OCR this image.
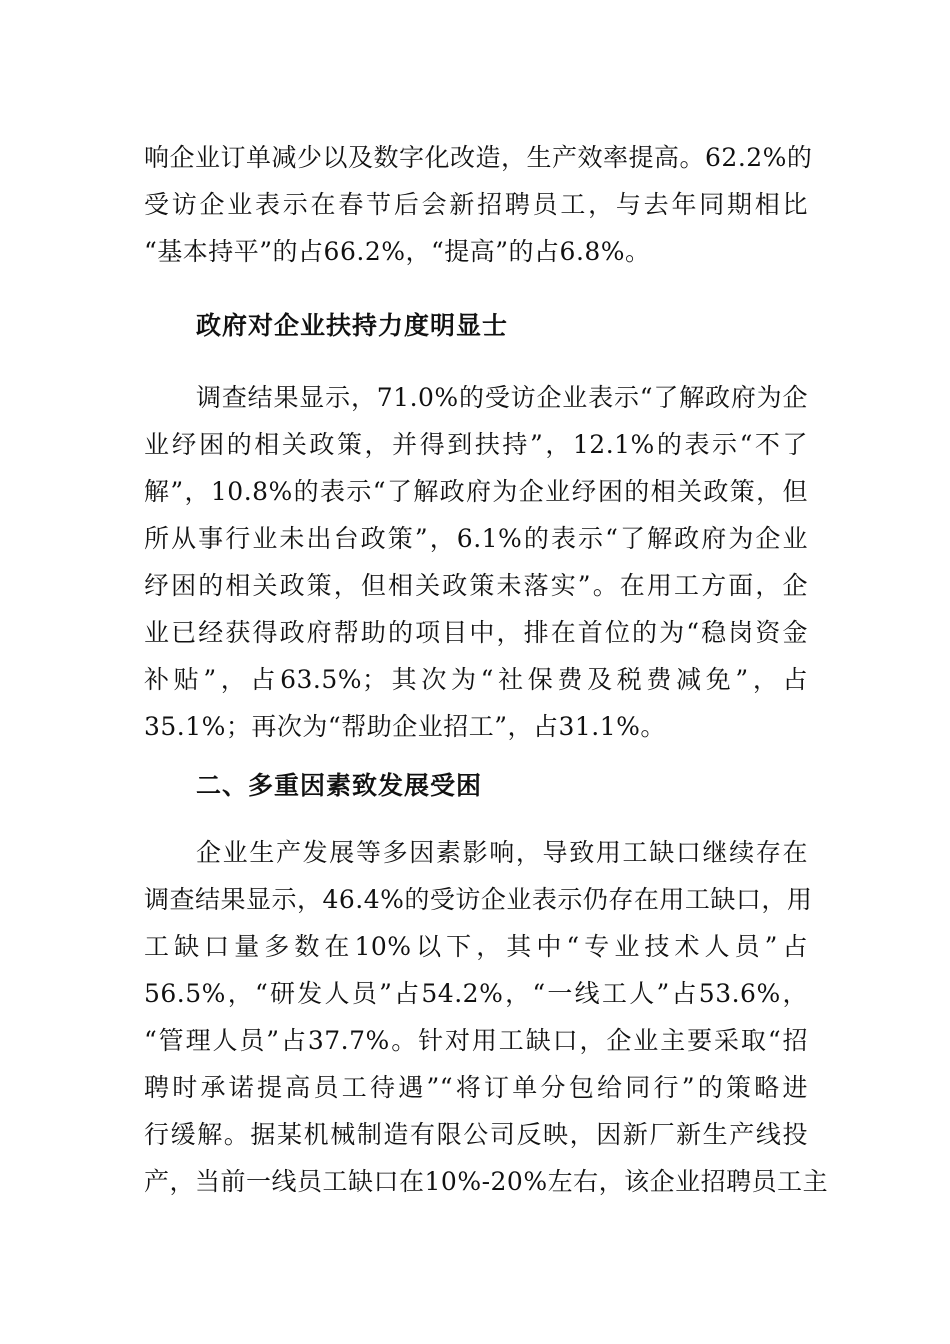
响企业订单减少以及数字化改造，生产效率提高。62.2%的
受访企业表示在春节后会新招聘员工，与去年同期相比
“基本持平”的占66.2%，“提高”的占6.8%。
政府对企业扶持力度明显士
调查结果显示，71.0%的受访企业表示“了解政府为企
业纾困的相关政策，并得到扶持”，12.1%的表示“不了
解”，10.8%的表示“了解政府为企业纾困的相关政策，但
所从事行业未出台政策”，6.1%的表示“了解政府为企业
纾困的相关政策，但相关政策未落实”。在用工方面，企
业已经获得政府帮助的项目中，排在首位的为“稳岗资金
补贴”，占63.5%；其次为“社保费及税费减免”，占
35.1%；再次为“帮助企业招工”，占31.1%。
二、多重因素致发展受困
企业生产发展等多因素影响，导致用工缺口继续存在
调查结果显示，46.4%的受访企业表示仍存在用工缺口，用
工缺口量多数在10%以下，其中“专业技术人员”占
56.5%，“研发人员”占54.2%，“一线工人”占53.6%，
“管理人员”占37.7%。针对用工缺口，企业主要采取“招
聘时承诺提高员工待遇”“将订单分包给同行”的策略进
行缓解。据某机械制造有限公司反映，因新厂新生产线投
产，当前一线员工缺口在10%-20%左右，该企业招聘员工主
